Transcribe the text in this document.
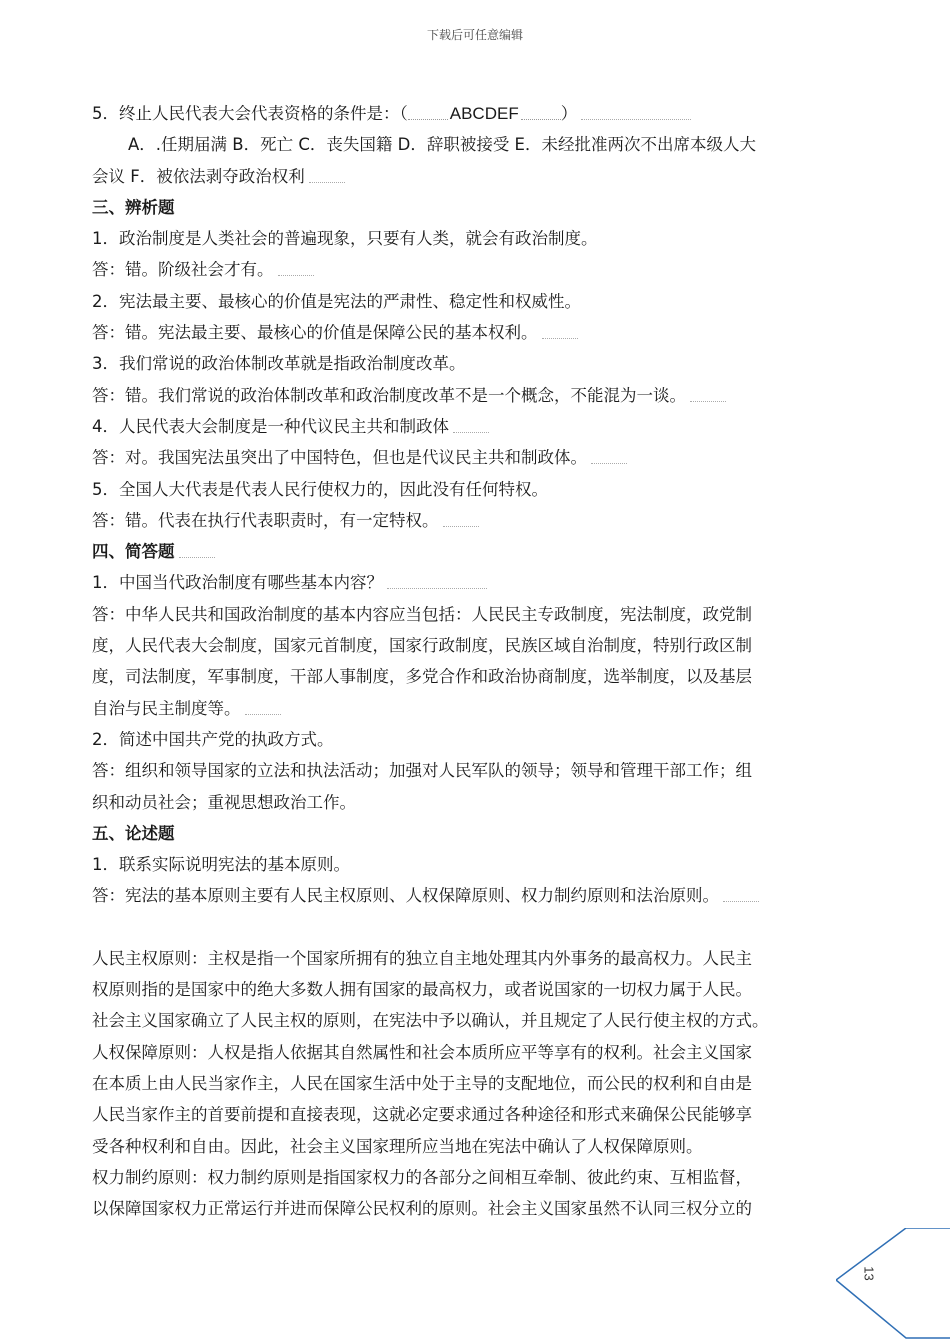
下载后可任意编辑
5．终止人民代表大会代表资格的条件是：（ ABCDEF	）
A．.任期届满 B．死亡 C．丧失国籍 D．辞职被接受 E．未经批准两次不出席本级人大
会议 F．被依法剥夺政治权利
三、辨析题
1．政治制度是人类社会的普遍现象，只要有人类，就会有政治制度。
答：错。阶级社会才有。
2．宪法最主要、最核心的价值是宪法的严肃性、稳定性和权威性。
答：错。宪法最主要、最核心的价值是保障公民的基本权利。
3．我们常说的政治体制改革就是指政治制度改革。
答：错。我们常说的政治体制改革和政治制度改革不是一个概念，不能混为一谈。
4．人民代表大会制度是一种代议民主共和制政体
答：对。我国宪法虽突出了中国特色，但也是代议民主共和制政体。
5．全国人大代表是代表人民行使权力的，因此没有任何特权。
答：错。代表在执行代表职责时，有一定特权。
四、简答题
1．中国当代政治制度有哪些基本内容？
答：中华人民共和国政治制度的基本内容应当包括：人民民主专政制度，宪法制度，政党制
度，人民代表大会制度，国家元首制度，国家行政制度，民族区域自治制度，特别行政区制
度，司法制度，军事制度，干部人事制度，多党合作和政治协商制度，选举制度，以及基层
自治与民主制度等。
2．简述中国共产党的执政方式。
答：组织和领导国家的立法和执法活动；加强对人民军队的领导；领导和管理干部工作；组
织和动员社会；重视思想政治工作。
五、论述题
1．联系实际说明宪法的基本原则。
答：宪法的基本原则主要有人民主权原则、人权保障原则、权力制约原则和法治原则。
人民主权原则：主权是指一个国家所拥有的独立自主地处理其内外事务的最高权力。人民主
权原则指的是国家中的绝大多数人拥有国家的最高权力，或者说国家的一切权力属于人民。
社会主义国家确立了人民主权的原则，在宪法中予以确认，并且规定了人民行使主权的方式。
人权保障原则：人权是指人依据其自然属性和社会本质所应平等享有的权利。社会主义国家
在本质上由人民当家作主，人民在国家生活中处于主导的支配地位，而公民的权利和自由是
人民当家作主的首要前提和直接表现，这就必定要求通过各种途径和形式来确保公民能够享
受各种权利和自由。因此，社会主义国家理所应当地在宪法中确认了人权保障原则。
权力制约原则：权力制约原则是指国家权力的各部分之间相互牵制、彼此约束、互相监督，
以保障国家权力正常运行并进而保障公民权利的原则。社会主义国家虽然不认同三权分立的
13
